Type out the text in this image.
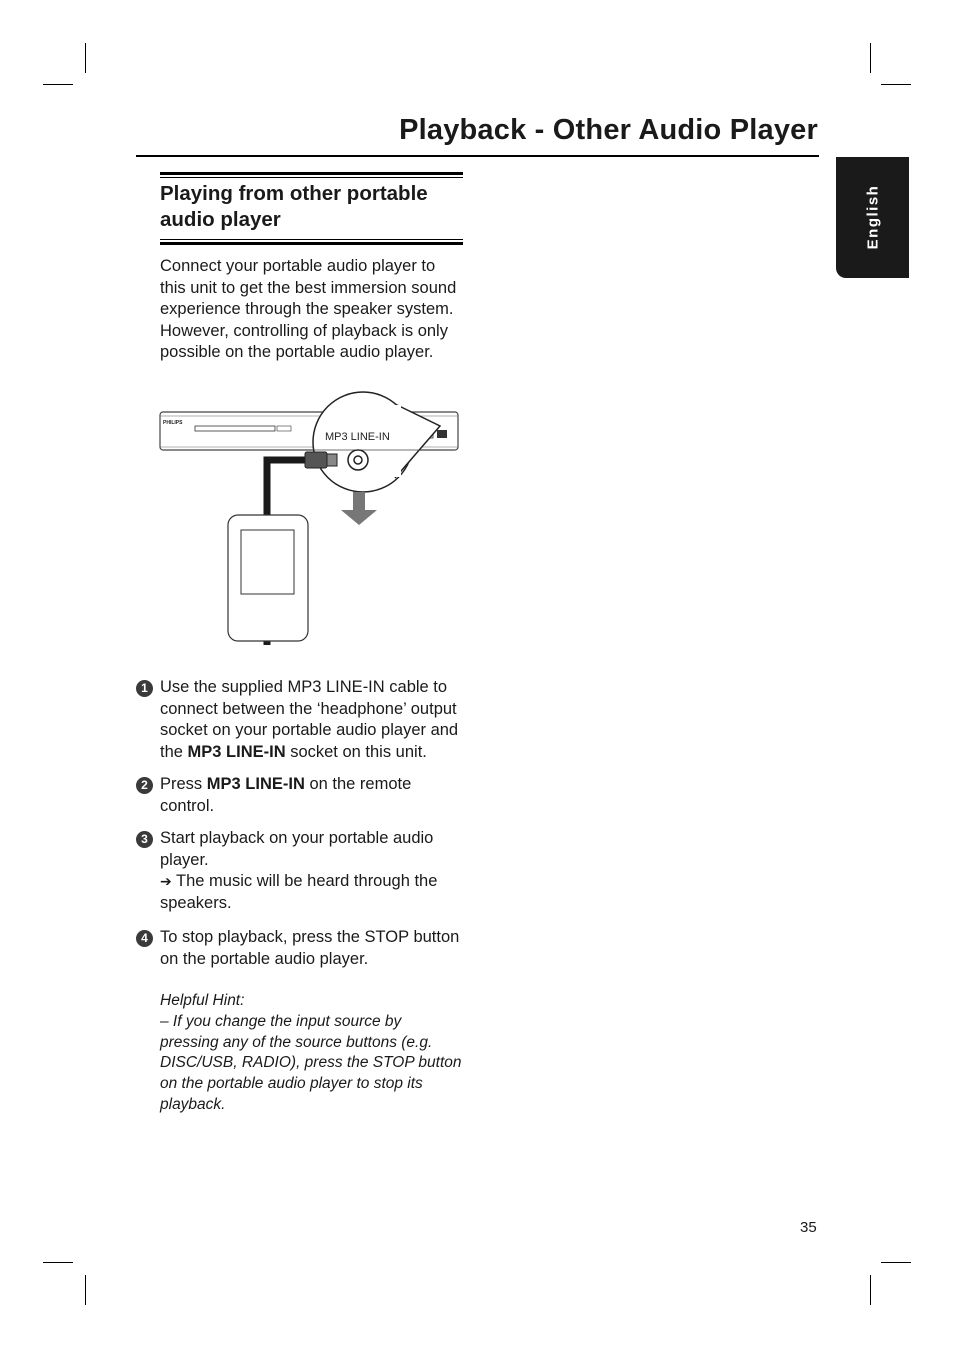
Playback - Other Audio Player
English
Playing from other portable audio player
Connect your portable audio player to this unit to get the best immersion sound experience through the speaker system. However, controlling of playback is only possible on the portable audio player.
PHILIPS
MP3 LINE-IN
1 Use the supplied MP3 LINE-IN cable to connect between the ‘headphone’ output socket on your portable audio player and the MP3 LINE-IN socket on this unit.
2 Press MP3 LINE-IN on the remote control.
3 Start playback on your portable audio player.
➔ The music will be heard through the speakers.
4 To stop playback, press the STOP button on the portable audio player.
Helpful Hint:
– If you change the input source by pressing any of the source buttons (e.g. DISC/USB, RADIO), press the STOP button on the portable audio player to stop its playback.
35
